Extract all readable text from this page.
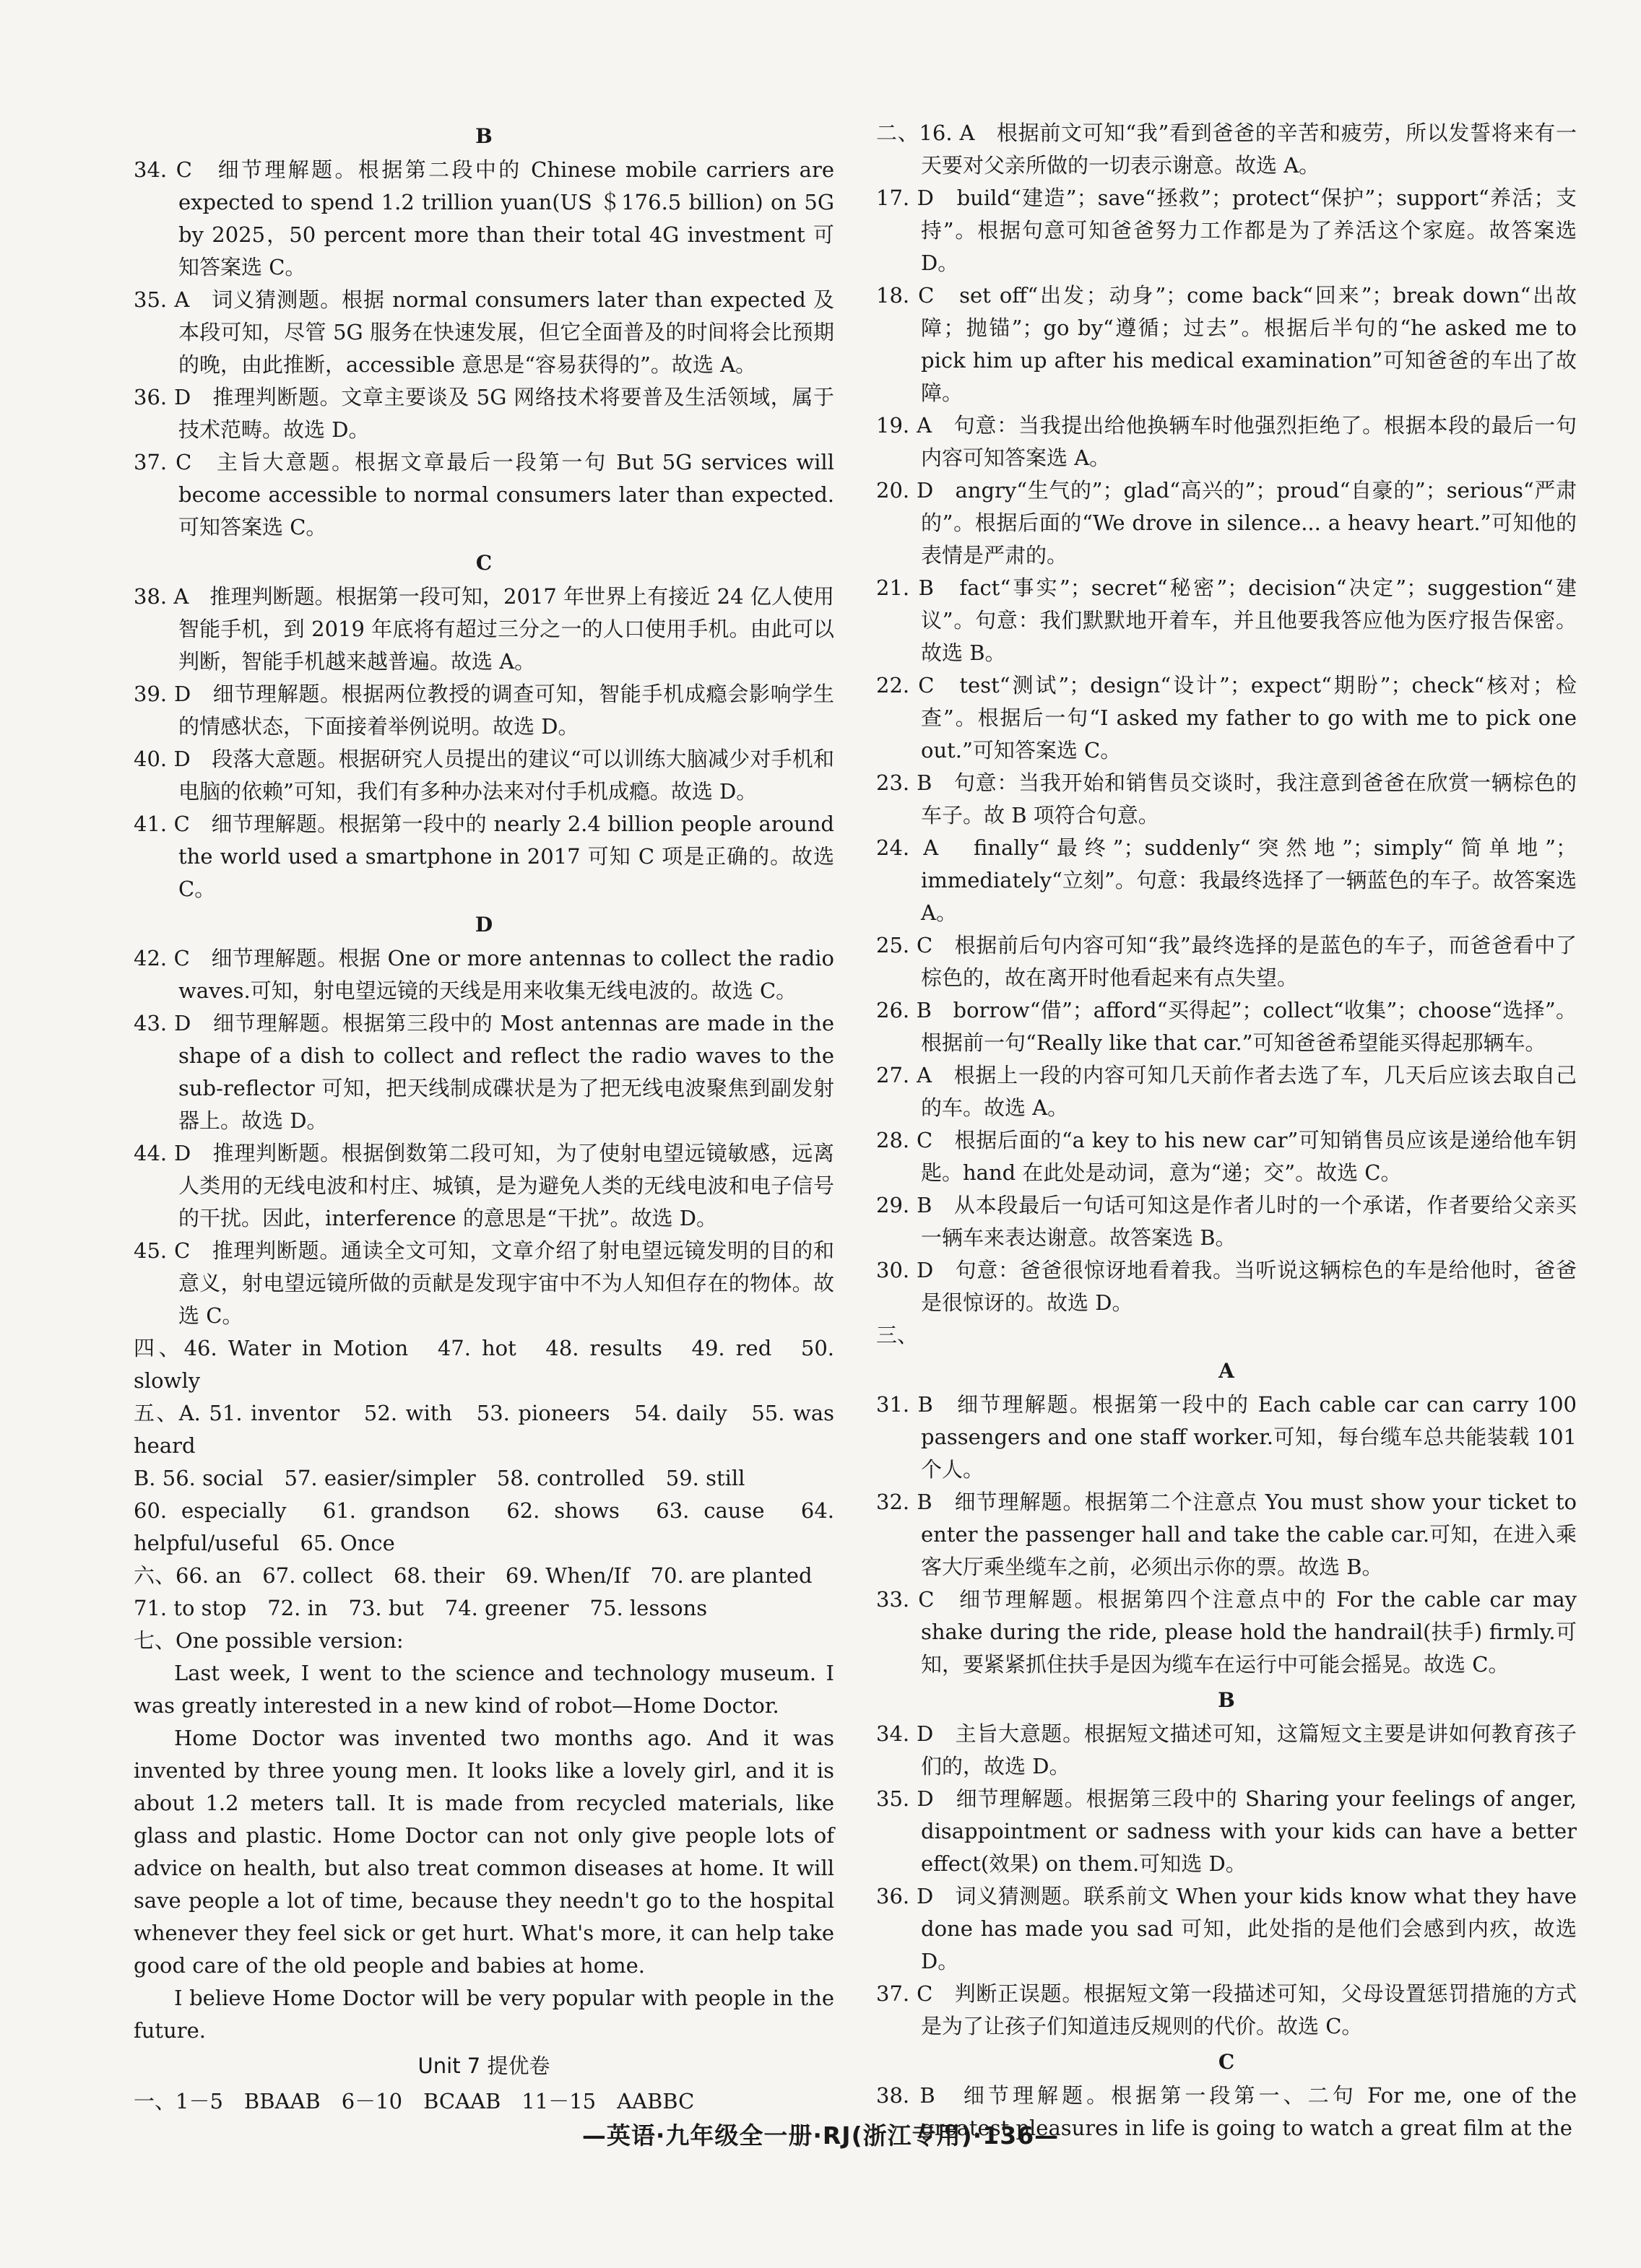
B
34. C　细节理解题。根据第二段中的 Chinese mobile carriers are expected to spend 1.2 trillion yuan(US ＄176.5 billion) on 5G by 2025，50 percent more than their total 4G investment 可知答案选 C。
35. A　词义猜测题。根据 normal consumers later than expected 及本段可知，尽管 5G 服务在快速发展，但它全面普及的时间将会比预期的晚，由此推断，accessible 意思是“容易获得的”。故选 A。
36. D　推理判断题。文章主要谈及 5G 网络技术将要普及生活领域，属于技术范畴。故选 D。
37. C　主旨大意题。根据文章最后一段第一句 But 5G services will become accessible to normal consumers later than expected.可知答案选 C。
C
38. A　推理判断题。根据第一段可知，2017 年世界上有接近 24 亿人使用智能手机，到 2019 年底将有超过三分之一的人口使用手机。由此可以判断，智能手机越来越普遍。故选 A。
39. D　细节理解题。根据两位教授的调查可知，智能手机成瘾会影响学生的情感状态，下面接着举例说明。故选 D。
40. D　段落大意题。根据研究人员提出的建议“可以训练大脑减少对手机和电脑的依赖”可知，我们有多种办法来对付手机成瘾。故选 D。
41. C　细节理解题。根据第一段中的 nearly 2.4 billion people around the world used a smartphone in 2017 可知 C 项是正确的。故选 C。
D
42. C　细节理解题。根据 One or more antennas to collect the radio waves.可知，射电望远镜的天线是用来收集无线电波的。故选 C。
43. D　细节理解题。根据第三段中的 Most antennas are made in the shape of a dish to collect and reflect the radio waves to the sub-reflector 可知，把天线制成碟状是为了把无线电波聚焦到副发射器上。故选 D。
44. D　推理判断题。根据倒数第二段可知，为了使射电望远镜敏感，远离人类用的无线电波和村庄、城镇，是为避免人类的无线电波和电子信号的干扰。因此，interference 的意思是“干扰”。故选 D。
45. C　推理判断题。通读全文可知，文章介绍了射电望远镜发明的目的和意义，射电望远镜所做的贡献是发现宇宙中不为人知但存在的物体。故选 C。
四、46. Water in Motion　47. hot　48. results　49. red　50. slowly
五、A. 51. inventor　52. with　53. pioneers　54. daily　55. was heard
B. 56. social　57. easier/simpler　58. controlled　59. still
60. especially　61. grandson　62. shows　63. cause　64. helpful/useful　65. Once
六、66. an　67. collect　68. their　69. When/If　70. are planted
71. to stop　72. in　73. but　74. greener　75. lessons
七、One possible version:
Last week, I went to the science and technology museum. I was greatly interested in a new kind of robot—Home Doctor.
Home Doctor was invented two months ago. And it was invented by three young men. It looks like a lovely girl, and it is about 1.2 meters tall. It is made from recycled materials, like glass and plastic. Home Doctor can not only give people lots of advice on health, but also treat common diseases at home. It will save people a lot of time, because they needn't go to the hospital whenever they feel sick or get hurt. What's more, it can help take good care of the old people and babies at home.
I believe Home Doctor will be very popular with people in the future.
Unit 7 提优卷
一、1－5　BBAAB　6－10　BCAAB　11－15　AABBC
二、16. A　根据前文可知“我”看到爸爸的辛苦和疲劳，所以发誓将来有一天要对父亲所做的一切表示谢意。故选 A。
17. D　build“建造”；save“拯救”；protect“保护”；support“养活；支持”。根据句意可知爸爸努力工作都是为了养活这个家庭。故答案选 D。
18. C　set off“出发；动身”；come back“回来”；break down“出故障；抛锚”；go by“遵循；过去”。根据后半句的“he asked me to pick him up after his medical examination”可知爸爸的车出了故障。
19. A　句意：当我提出给他换辆车时他强烈拒绝了。根据本段的最后一句内容可知答案选 A。
20. D　angry“生气的”；glad“高兴的”；proud“自豪的”；serious“严肃的”。根据后面的“We drove in silence... a heavy heart.”可知他的表情是严肃的。
21. B　fact“事实”；secret“秘密”；decision“决定”；suggestion“建议”。句意：我们默默地开着车，并且他要我答应他为医疗报告保密。故选 B。
22. C　test“测试”；design“设计”；expect“期盼”；check“核对；检查”。根据后一句“I asked my father to go with me to pick one out.”可知答案选 C。
23. B　句意：当我开始和销售员交谈时，我注意到爸爸在欣赏一辆棕色的车子。故 B 项符合句意。
24. A　finally“最终”；suddenly“突然地”；simply“简单地”；immediately“立刻”。句意：我最终选择了一辆蓝色的车子。故答案选 A。
25. C　根据前后句内容可知“我”最终选择的是蓝色的车子，而爸爸看中了棕色的，故在离开时他看起来有点失望。
26. B　borrow“借”；afford“买得起”；collect“收集”；choose“选择”。根据前一句“Really like that car.”可知爸爸希望能买得起那辆车。
27. A　根据上一段的内容可知几天前作者去选了车，几天后应该去取自己的车。故选 A。
28. C　根据后面的“a key to his new car”可知销售员应该是递给他车钥匙。hand 在此处是动词，意为“递；交”。故选 C。
29. B　从本段最后一句话可知这是作者儿时的一个承诺，作者要给父亲买一辆车来表达谢意。故答案选 B。
30. D　句意：爸爸很惊讶地看着我。当听说这辆棕色的车是给他时，爸爸是很惊讶的。故选 D。
三、
A
31. B　细节理解题。根据第一段中的 Each cable car can carry 100 passengers and one staff worker.可知，每台缆车总共能装载 101 个人。
32. B　细节理解题。根据第二个注意点 You must show your ticket to enter the passenger hall and take the cable car.可知，在进入乘客大厅乘坐缆车之前，必须出示你的票。故选 B。
33. C　细节理解题。根据第四个注意点中的 For the cable car may shake during the ride, please hold the handrail(扶手) firmly.可知，要紧紧抓住扶手是因为缆车在运行中可能会摇晃。故选 C。
B
34. D　主旨大意题。根据短文描述可知，这篇短文主要是讲如何教育孩子们的，故选 D。
35. D　细节理解题。根据第三段中的 Sharing your feelings of anger, disappointment or sadness with your kids can have a better effect(效果) on them.可知选 D。
36. D　词义猜测题。联系前文 When your kids know what they have done has made you sad 可知，此处指的是他们会感到内疚，故选 D。
37. C　判断正误题。根据短文第一段描述可知，父母设置惩罚措施的方式是为了让孩子们知道违反规则的代价。故选 C。
C
38. B　细节理解题。根据第一段第一、二句 For me, one of the greatest pleasures in life is going to watch a great film at the
—英语·九年级全一册·RJ(浙江专用)·136—
